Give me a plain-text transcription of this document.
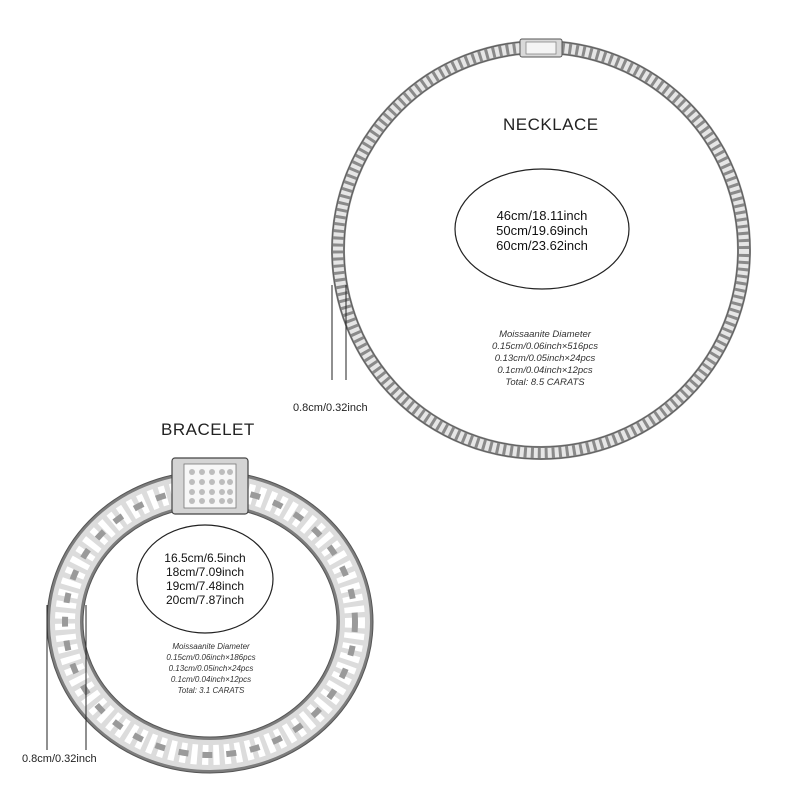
NECKLACE
46cm/18.11inch
50cm/19.69inch
60cm/23.62inch
Moissaanite Diameter
0.15cm/0.06inch×516pcs
0.13cm/0.05inch×24pcs
0.1cm/0.04inch×12pcs
Total: 8.5 CARATS
0.8cm/0.32inch
BRACELET
16.5cm/6.5inch
18cm/7.09inch
19cm/7.48inch
20cm/7.87inch
Moissaanite Diameter
0.15cm/0.06inch×186pcs
0.13cm/0.05inch×24pcs
0.1cm/0.04inch×12pcs
Total: 3.1 CARATS
0.8cm/0.32inch
